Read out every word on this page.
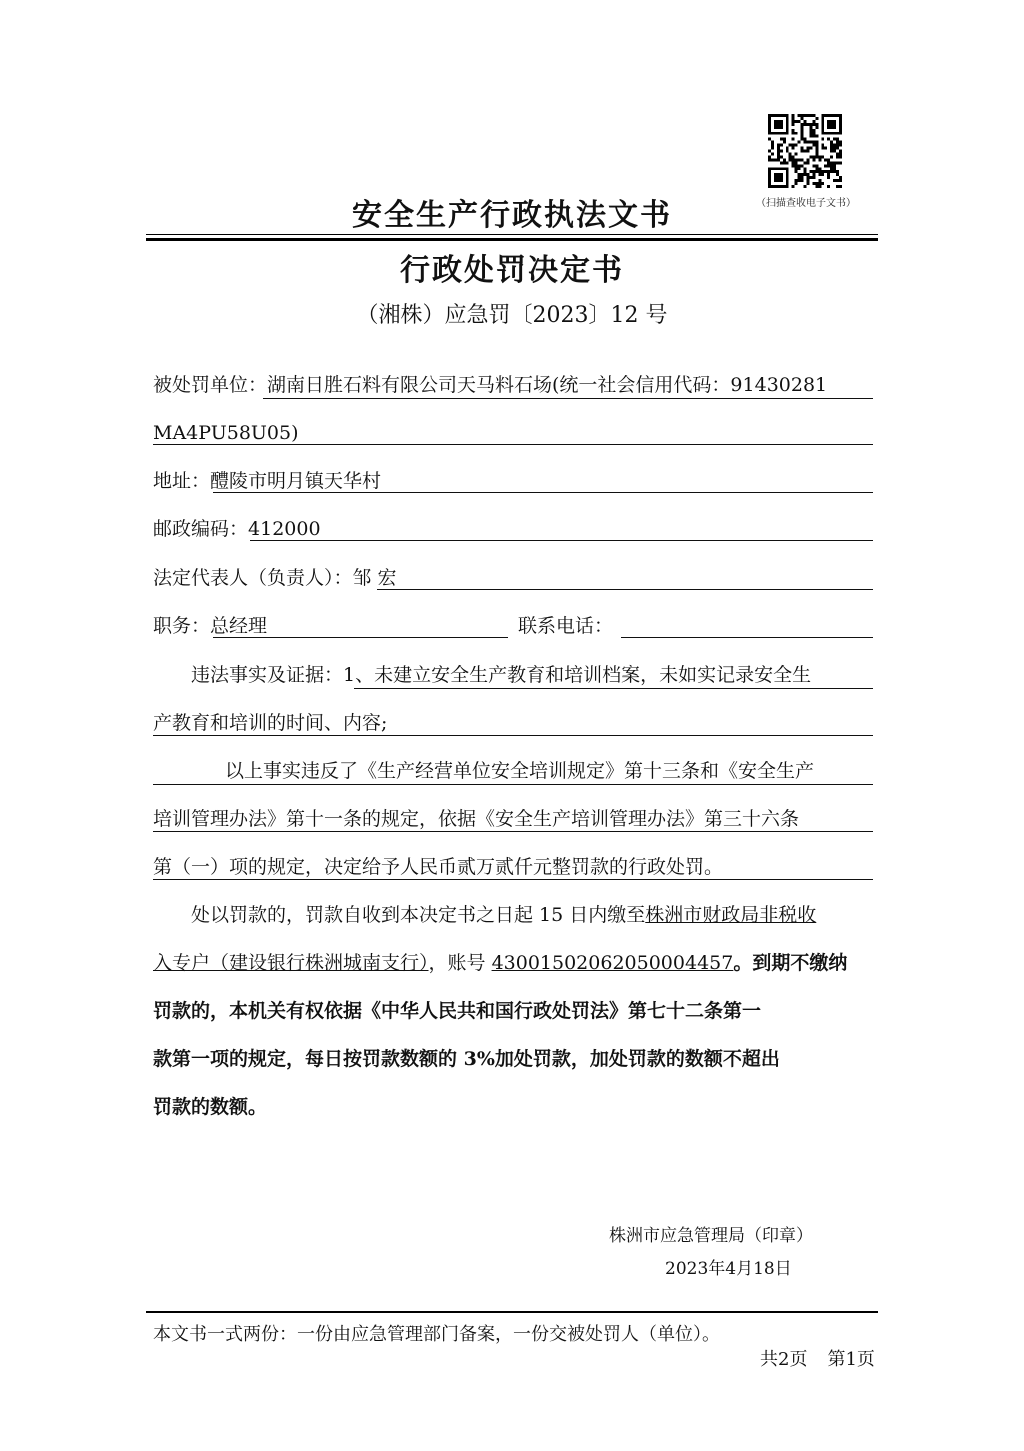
（扫描查收电子文书）
安全生产行政执法文书
行政处罚决定书
（湘株）应急罚〔2023〕12 号
被处罚单位：湖南日胜石料有限公司天马料石场(统一社会信用代码：91430281
MA4PU58U05)
地址：醴陵市明月镇天华村
邮政编码：412000
法定代表人（负责人）：邹 宏
职务：总经理	联系电话：
违法事实及证据：1、未建立安全生产教育和培训档案，未如实记录安全生
产教育和培训的时间、内容;
以上事实违反了《生产经营单位安全培训规定》第十三条和《安全生产
培训管理办法》第十一条的规定，依据《安全生产培训管理办法》第三十六条
第（一）项的规定，决定给予人民币贰万贰仟元整罚款的行政处罚。
处以罚款的，罚款自收到本决定书之日起 15 日内缴至株洲市财政局非税收
入专户（建设银行株洲城南支行），账号 43001502062050004457。到期不缴纳
罚款的，本机关有权依据《中华人民共和国行政处罚法》第七十二条第一
款第一项的规定，每日按罚款数额的 3%加处罚款，加处罚款的数额不超出
罚款的数额。
株洲市应急管理局（印章）
2023年4月18日
本文书一式两份：一份由应急管理部门备案，一份交被处罚人（单位）。
共2页 第1页
